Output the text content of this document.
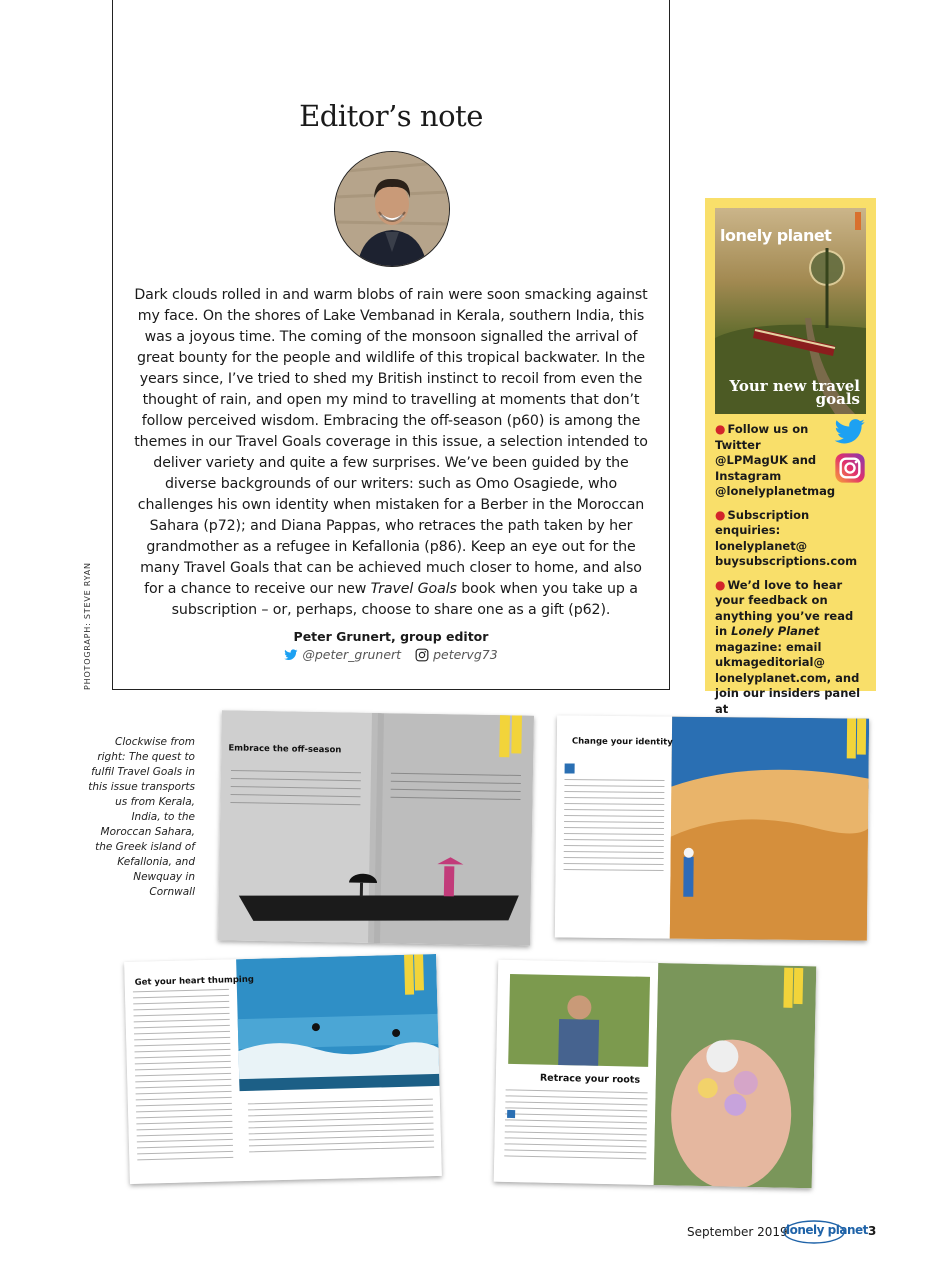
Editor’s note

Dark clouds rolled in and warm blobs of rain were soon smacking against my face. On the shores of Lake Vembanad in Kerala, southern India, this was a joyous time. The coming of the monsoon signalled the arrival of great bounty for the people and wildlife of this tropical backwater. In the years since, I’ve tried to shed my British instinct to recoil from even the thought of rain, and open my mind to travelling at moments that don’t follow perceived wisdom. Embracing the off-season (p60) is among the themes in our Travel Goals coverage in this issue, a selection intended to deliver variety and quite a few surprises. We’ve been guided by the diverse backgrounds of our writers: such as Omo Osagiede, who challenges his own identity when mistaken for a Berber in the Moroccan Sahara (p72); and Diana Pappas, who retraces the path taken by her grandmother as a refugee in Kefallonia (p86). Keep an eye out for the many Travel Goals that can be achieved much closer to home, and also for a chance to receive our new Travel Goals book when you take up a subscription – or, perhaps, choose to share one as a gift (p62).

Peter Grunert, group editor
@peter_grunert	petervg73
PHOTOGRAPH: STEVE RYAN
lonely planet
Your new travel goals
● Follow us on Twitter @LPMagUK and Instagram @lonelyplanetmag
● Subscription enquiries: lonelyplanet@ buysubscriptions.com
● We’d love to hear your feedback on anything you’ve read in Lonely Planet magazine: email ukmageditorial@ lonelyplanet.com, and join our insiders panel at
Clockwise from right: The quest to fulfil Travel Goals in this issue transports us from Kerala, India, to the Moroccan Sahara, the Greek island of Kefallonia, and Newquay in Cornwall
Embrace the off-season
Change your identity
Get your heart thumping
Retrace your roots
September 2019
lonely planet 3
